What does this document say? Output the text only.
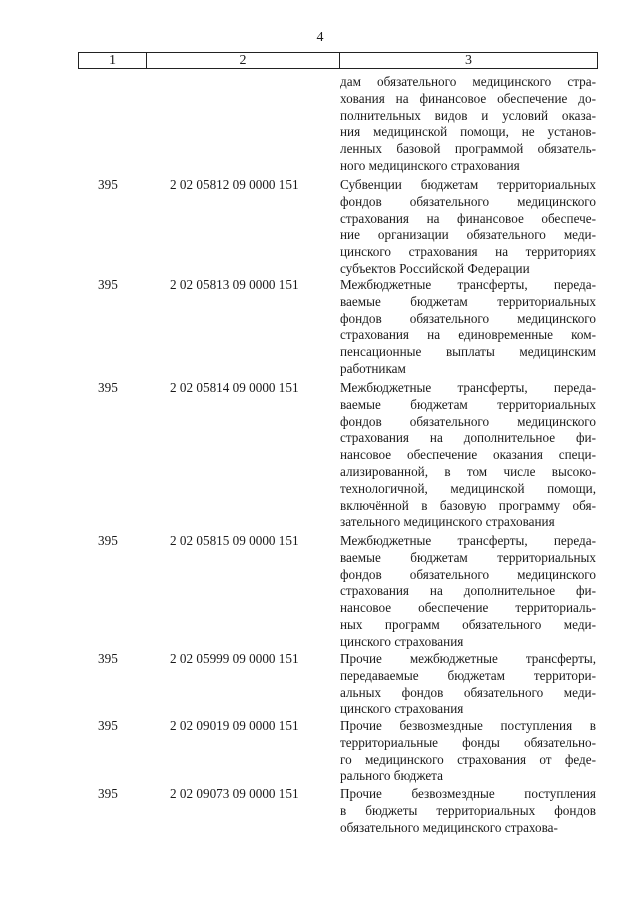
4
1	2	3
дам обязательного медицинского стра-
хования на финансовое обеспечение до-
полнительных видов и условий оказа-
ния медицинской помощи, не установ-
ленных базовой программой обязатель-
ного медицинского страхования
395	2 02 05812 09 0000 151	Субвенции бюджетам территориальных
фондов обязательного медицинского
страхования на финансовое обеспече-
ние организации обязательного меди-
цинского страхования на территориях
субъектов Российской Федерации
395	2 02 05813 09 0000 151	Межбюджетные трансферты, переда-
ваемые бюджетам территориальных
фондов обязательного медицинского
страхования на единовременные ком-
пенсационные выплаты медицинским
работникам
395	2 02 05814 09 0000 151	Межбюджетные трансферты, переда-
ваемые бюджетам территориальных
фондов обязательного медицинского
страхования на дополнительное фи-
нансовое обеспечение оказания специ-
ализированной, в том числе высоко-
технологичной, медицинской помощи,
включённой в базовую программу обя-
зательного медицинского страхования
395	2 02 05815 09 0000 151	Межбюджетные трансферты, переда-
ваемые бюджетам территориальных
фондов обязательного медицинского
страхования на дополнительное фи-
нансовое обеспечение территориаль-
ных программ обязательного меди-
цинского страхования
395	2 02 05999 09 0000 151	Прочие межбюджетные трансферты,
передаваемые бюджетам территори-
альных фондов обязательного меди-
цинского страхования
395	2 02 09019 09 0000 151	Прочие безвозмездные поступления в
территориальные фонды обязательно-
го медицинского страхования от феде-
рального бюджета
395	2 02 09073 09 0000 151	Прочие безвозмездные поступления
в бюджеты территориальных фондов
обязательного медицинского страхова-
